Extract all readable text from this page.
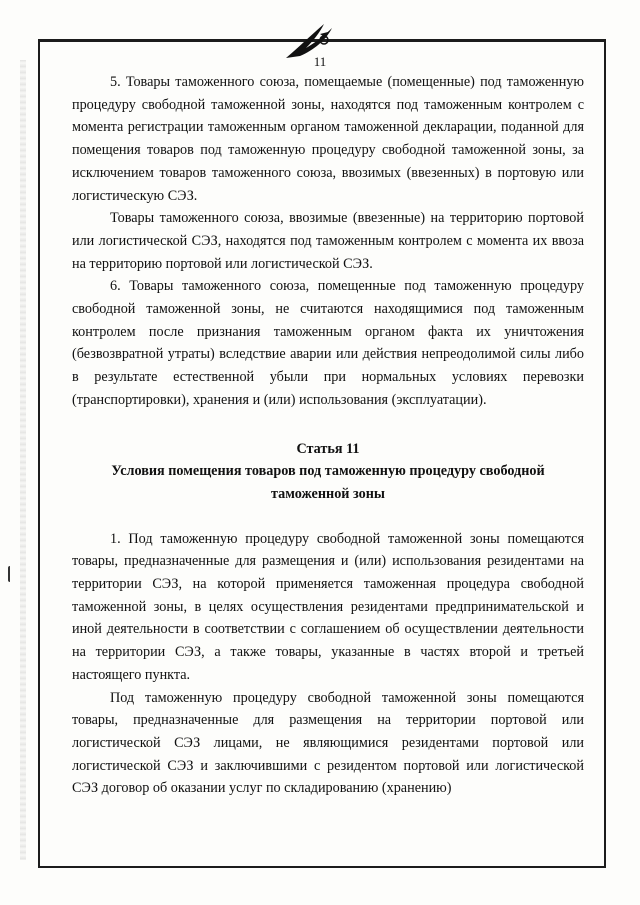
11

5. Товары таможенного союза, помещаемые (помещенные) под таможенную процедуру свободной таможенной зоны, находятся под таможенным контролем с момента регистрации таможенным органом таможенной декларации, поданной для помещения товаров под таможенную процедуру свободной таможенной зоны, за исключением товаров таможенного союза, ввозимых (ввезенных) в портовую или логистическую СЭЗ.

Товары таможенного союза, ввозимые (ввезенные) на территорию портовой или логистической СЭЗ, находятся под таможенным контролем с момента их ввоза на территорию портовой или логистической СЭЗ.

6. Товары таможенного союза, помещенные под таможенную процедуру свободной таможенной зоны, не считаются находящимися под таможенным контролем после признания таможенным органом факта их уничтожения (безвозвратной утраты) вследствие аварии или действия непреодолимой силы либо в результате естественной убыли при нормальных условиях перевозки (транспортировки), хранения и (или) использования (эксплуатации).

Статья 11

Условия помещения товаров под таможенную процедуру свободной таможенной зоны

1. Под таможенную процедуру свободной таможенной зоны помещаются товары, предназначенные для размещения и (или) использования резидентами на территории СЭЗ, на которой применяется таможенная процедура свободной таможенной зоны, в целях осуществления резидентами предпринимательской и иной деятельности в соответствии с соглашением об осуществлении деятельности на территории СЭЗ, а также товары, указанные в частях второй и третьей настоящего пункта.

Под таможенную процедуру свободной таможенной зоны помещаются товары, предназначенные для размещения на территории портовой или логистической СЭЗ лицами, не являющимися резидентами портовой или логистической СЭЗ и заключившими с резидентом портовой или логистической СЭЗ договор об оказании услуг по складированию (хранению)
